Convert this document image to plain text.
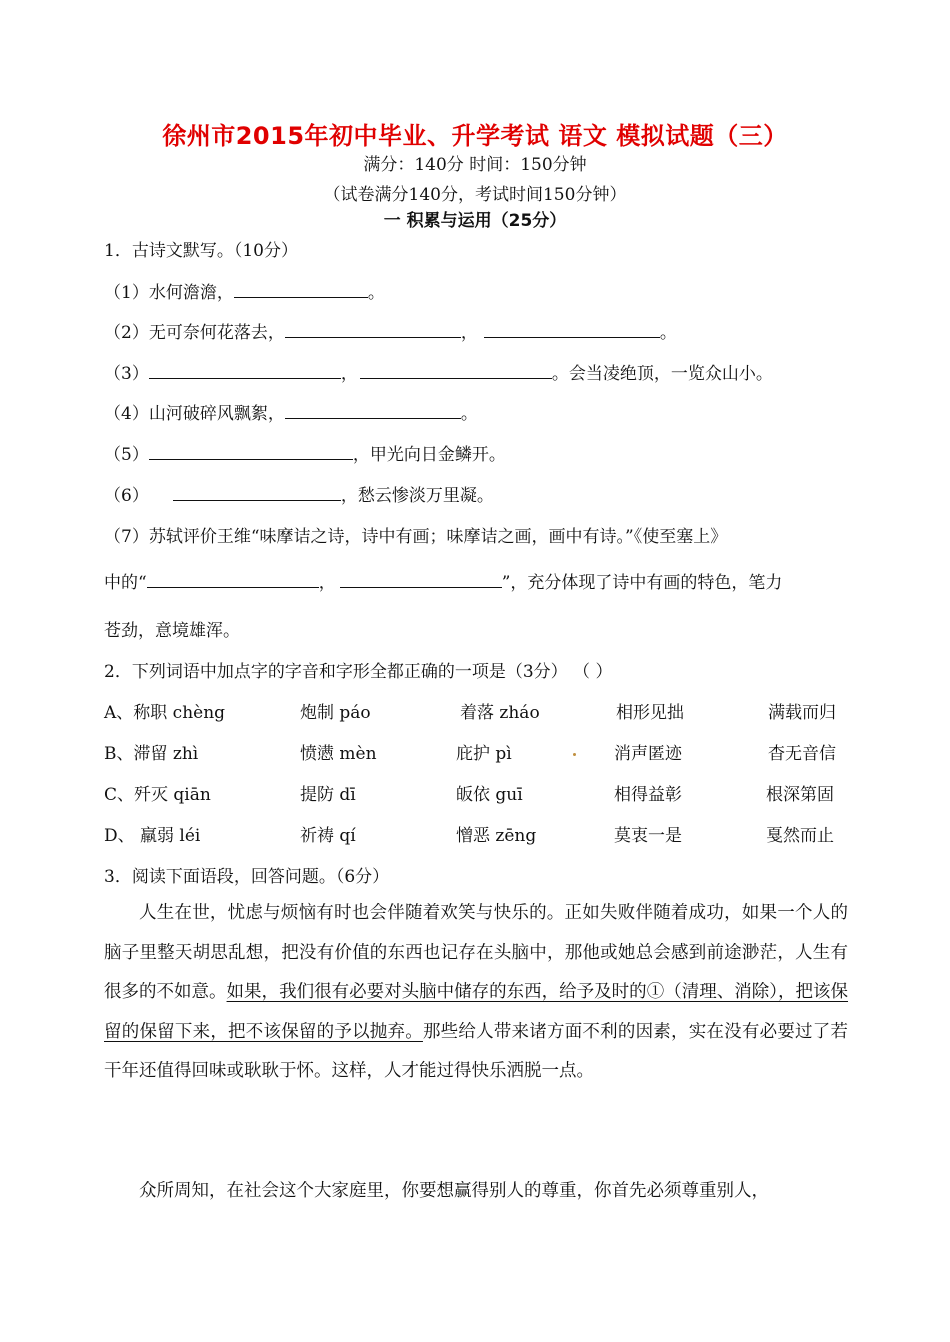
徐州市2015年初中毕业、升学考试 语文 模拟试题（三）
满分：140分 时间：150分钟
（试卷满分140分，考试时间150分钟）
一 积累与运用（25分）
1．古诗文默写。（10分）
（1）水何澹澹，	。
（2）无可奈何花落去，	，	。
（3）	，	。会当凌绝顶，一览众山小。
（4）山河破碎风飘絮，	。
（5）	，甲光向日金鳞开。
（6）	，愁云惨淡万里凝。
（7）苏轼评价王维“味摩诘之诗，诗中有画；味摩诘之画，画中有诗。”《使至塞上》
中的“	，	”，充分体现了诗中有画的特色，笔力
苍劲，意境雄浑。
2．下列词语中加点字的字音和字形全都正确的一项是（3分） （ ）
A、称职 chèng	炮制 páo	着落 zháo	相形见拙	满载而归
B、滞留 zhì	愤懑 mèn	庇护 pì	消声匿迹	杳无音信
C、歼灭 qiān	提防 dī	皈依 guī	相得益彰	根深第固
D、 羸弱 léi	祈祷 qí	憎恶 zēng	莫衷一是	戛然而止
3．阅读下面语段，回答问题。（6分）
人生在世，忧虑与烦恼有时也会伴随着欢笑与快乐的。正如失败伴随着成功，如果一个人的脑子里整天胡思乱想，把没有价值的东西也记存在头脑中，那他或她总会感到前途渺茫，人生有很多的不如意。如果，我们很有必要对头脑中储存的东西，给予及时的①（清理、消除），把该保留的保留下来，把不该保留的予以抛弃。那些给人带来诸方面不利的因素，实在没有必要过了若干年还值得回味或耿耿于怀。这样，人才能过得快乐洒脱一点。
众所周知，在社会这个大家庭里，你要想赢得别人的尊重，你首先必须尊重别人，
